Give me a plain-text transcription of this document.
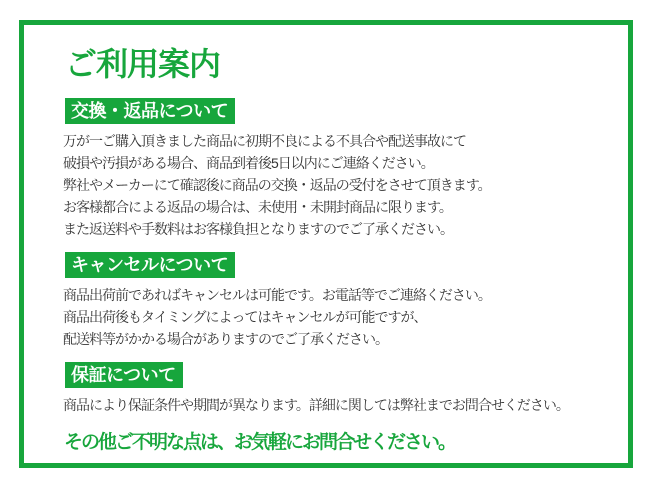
ご利用案内
交換・返品について
万が一ご購入頂きました商品に初期不良による不具合や配送事故にて
破損や汚損がある場合、商品到着後5日以内にご連絡ください。
弊社やメーカーにて確認後に商品の交換・返品の受付をさせて頂きます。
お客様都合による返品の場合は、未使用・未開封商品に限ります。
また返送料や手数料はお客様負担となりますのでご了承ください。
キャンセルについて
商品出荷前であればキャンセルは可能です。お電話等でご連絡ください。
商品出荷後もタイミングによってはキャンセルが可能ですが、
配送料等がかかる場合がありますのでご了承ください。
保証について
商品により保証条件や期間が異なります。詳細に関しては弊社までお問合せください。
その他ご不明な点は、お気軽にお問合せください。
